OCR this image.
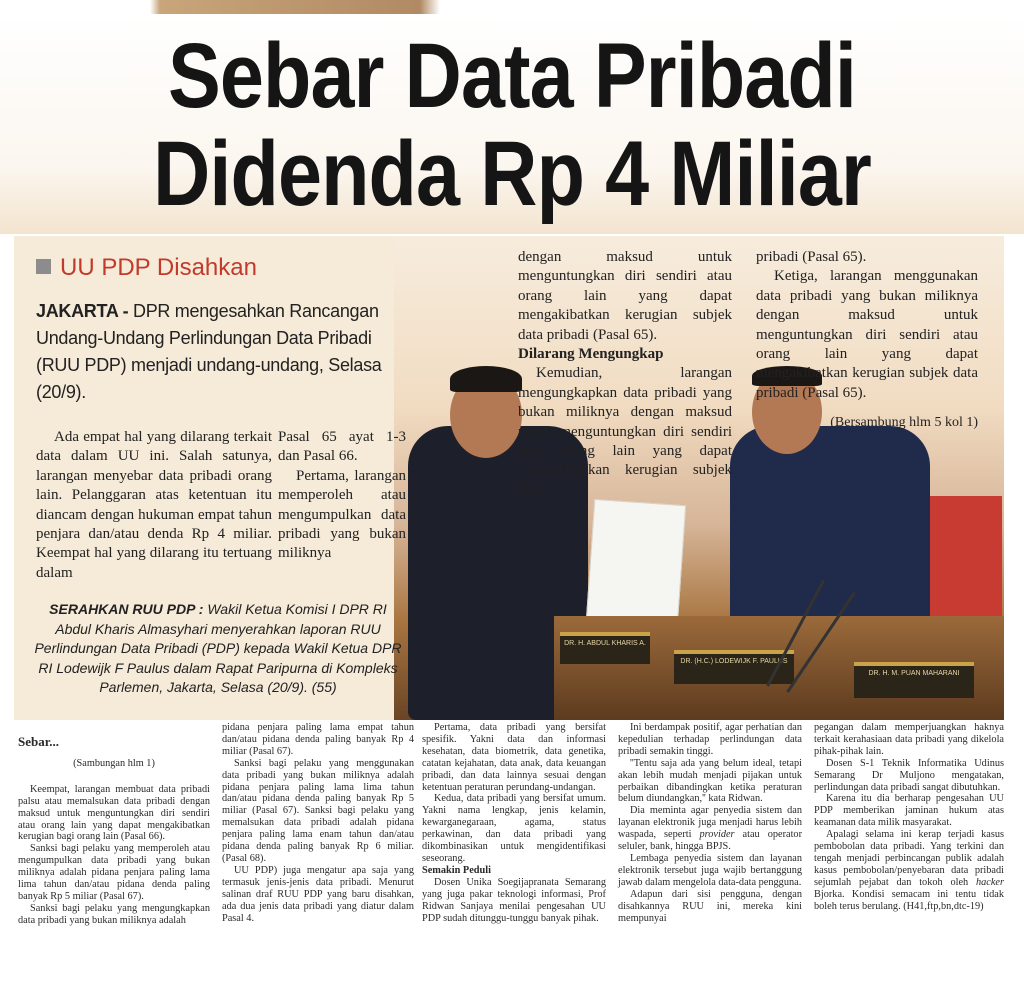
Sebar Data Pribadi
Didenda Rp 4 Miliar
DR. H. ABDUL KHARIS A.
DR. (H.C.) LODEWIJK F. PAULUS
DR. H. M. PUAN MAHARANI
UU PDP Disahkan
JAKARTA - DPR mengesahkan Rancangan Undang-Undang Perlindungan Data Pribadi (RUU PDP) menjadi undang-undang, Selasa (20/9).

Ada empat hal yang dilarang terkait data dalam UU ini. Salah satunya, larangan menyebar data pribadi orang lain. Pelanggaran atas ketentuan itu diancam dengan hukuman empat tahun penjara dan/atau denda Rp 4 miliar. Keempat hal yang dilarang itu tertuang dalam

Pasal 65 ayat 1-3 dan Pasal 66.

Pertama, larangan memperoleh atau mengumpulkan data pribadi yang bukan miliknya

dengan maksud untuk menguntungkan diri sendiri atau orang lain yang dapat mengakibatkan kerugian subjek data pribadi (Pasal 65).

Dilarang Mengungkap

Kemudian, larangan mengungkapkan data pribadi yang bukan miliknya dengan maksud untuk menguntungkan diri sendiri atau orang lain yang dapat mengakibatkan kerugian subjek data

pribadi (Pasal 65).

Ketiga, larangan menggunakan data pribadi yang bukan miliknya dengan maksud untuk menguntungkan diri sendiri atau orang lain yang dapat mengakibatkan kerugian subjek data pribadi (Pasal 65).

(Bersambung hlm 5 kol 1)

SERAHKAN RUU PDP : Wakil Ketua Komisi I DPR RI Abdul Kharis Almasyhari menyerahkan laporan RUU Perlindungan Data Pribadi (PDP) kepada Wakil Ketua DPR RI Lodewijk F Paulus dalam Rapat Paripurna di Kompleks Parlemen, Jakarta, Selasa (20/9). (55)

Sebar...

(Sambungan hlm 1)

Keempat, larangan membuat data pribadi palsu atau memalsukan data pribadi dengan maksud untuk menguntungkan diri sendiri atau orang lain yang dapat mengakibatkan kerugian bagi orang lain (Pasal 66).

Sanksi bagi pelaku yang memperoleh atau mengumpulkan data pribadi yang bukan miliknya adalah pidana penjara paling lama lima tahun dan/atau pidana denda paling banyak Rp 5 miliar (Pasal 67).

Sanksi bagi pelaku yang mengungkapkan data pribadi yang bukan miliknya adalah

pidana penjara paling lama empat tahun dan/atau pidana denda paling banyak Rp 4 miliar (Pasal 67).

Sanksi bagi pelaku yang menggunakan data pribadi yang bukan miliknya adalah pidana penjara paling lama lima tahun dan/atau pidana denda paling banyak Rp 5 miliar (Pasal 67). Sanksi bagi pelaku yang memalsukan data pribadi adalah pidana penjara paling lama enam tahun dan/atau pidana denda paling banyak Rp 6 miliar. (Pasal 68).

UU PDP) juga mengatur apa saja yang termasuk jenis-jenis data pribadi. Menurut salinan draf RUU PDP yang baru disahkan, ada dua jenis data pribadi yang diatur dalam Pasal 4.

Pertama, data pribadi yang bersifat spesifik. Yakni data dan informasi kesehatan, data biometrik, data genetika, catatan kejahatan, data anak, data keuangan pribadi, dan data lainnya sesuai dengan ketentuan peraturan perundang-undangan.

Kedua, data pribadi yang bersifat umum. Yakni nama lengkap, jenis kelamin, kewarganegaraan, agama, status perkawinan, dan data pribadi yang dikombinasikan untuk mengidentifikasi seseorang.

Semakin Peduli

Dosen Unika Soegijapranata Semarang yang juga pakar teknologi informasi, Prof Ridwan Sanjaya menilai pengesahan UU PDP sudah ditunggu-tunggu banyak pihak.

Ini berdampak positif, agar perhatian dan kepedulian terhadap perlindungan data pribadi semakin tinggi.

''Tentu saja ada yang belum ideal, tetapi akan lebih mudah menjadi pijakan untuk perbaikan dibandingkan ketika peraturan belum diundangkan,'' kata Ridwan.

Dia meminta agar penyedia sistem dan layanan elektronik juga menjadi harus lebih waspada, seperti provider atau operator seluler, bank, hingga BPJS.

Lembaga penyedia sistem dan layanan elektronik tersebut juga wajib bertanggung jawab dalam mengelola data-data pengguna.

Adapun dari sisi pengguna, dengan disahkannya RUU ini, mereka kini mempunyai

pegangan dalam memperjuangkan haknya terkait kerahasiaan data pribadi yang dikelola pihak-pihak lain.

Dosen S-1 Teknik Informatika Udinus Semarang Dr Muljono mengatakan, perlindungan data pribadi sangat dibutuhkan.

Karena itu dia berharap pengesahan UU PDP memberikan jaminan hukum atas keamanan data milik masyarakat.

Apalagi selama ini kerap terjadi kasus pembobolan data pribadi. Yang terkini dan tengah menjadi perbincangan publik adalah kasus pembobolan/penyebaran data pribadi sejumlah pejabat dan tokoh oleh hacker Bjorka. Kondisi semacam ini tentu tidak boleh terus berulang. (H41,ftp,bn,dtc-19)
